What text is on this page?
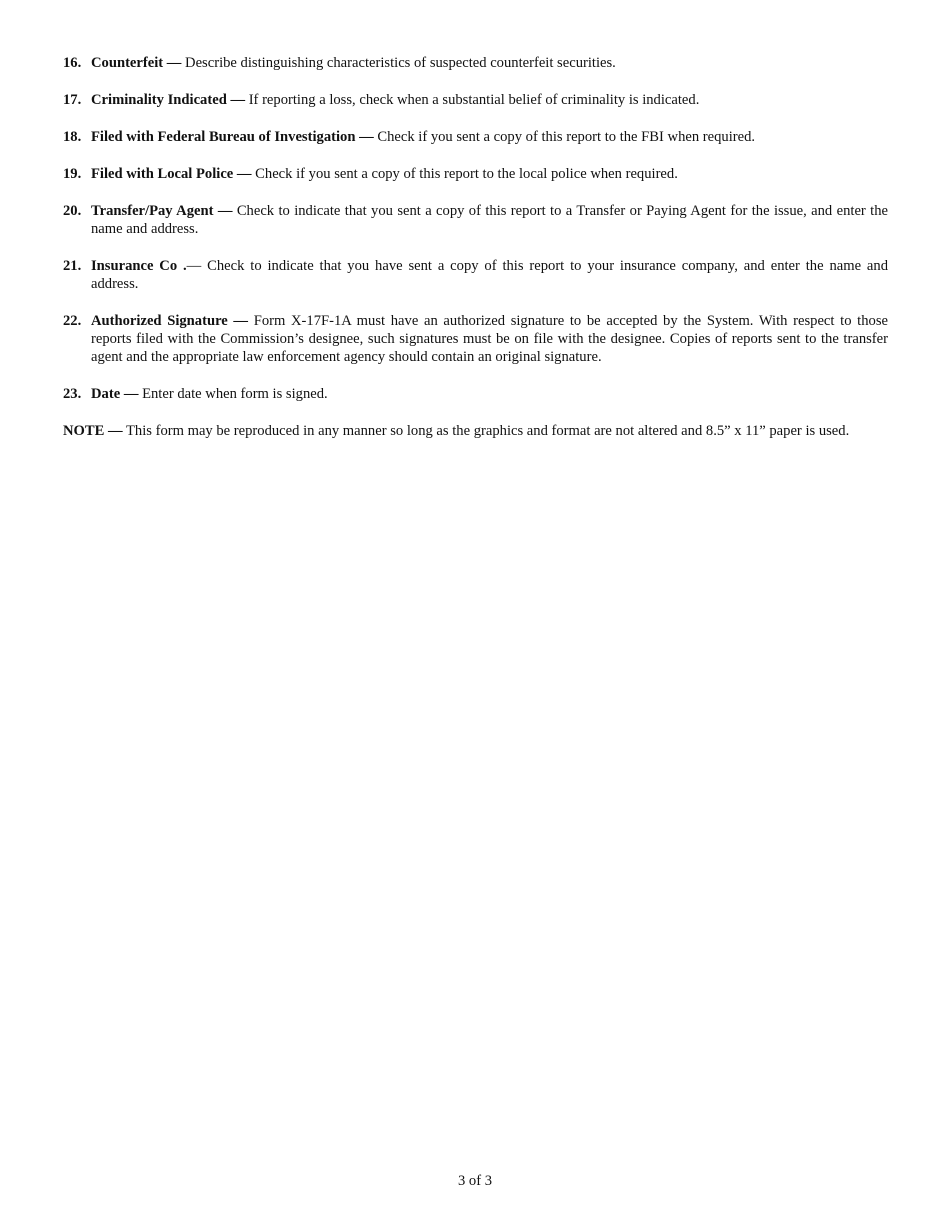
16. Counterfeit — Describe distinguishing characteristics of suspected counterfeit securities.
17. Criminality Indicated — If reporting a loss, check when a substantial belief of criminality is indicated.
18. Filed with Federal Bureau of Investigation — Check if you sent a copy of this report to the FBI when required.
19. Filed with Local Police — Check if you sent a copy of this report to the local police when required.
20. Transfer/Pay Agent — Check to indicate that you sent a copy of this report to a Transfer or Paying Agent for the issue, and enter the name and address.
21. Insurance Co .— Check to indicate that you have sent a copy of this report to your insurance company, and enter the name and address.
22. Authorized Signature — Form X-17F-1A must have an authorized signature to be accepted by the System. With respect to those reports filed with the Commission’s designee, such signatures must be on file with the designee. Copies of reports sent to the transfer agent and the appropriate law enforcement agency should contain an original signature.
23. Date — Enter date when form is signed.
NOTE — This form may be reproduced in any manner so long as the graphics and format are not altered and 8.5” x 11” paper is used.
3 of 3
